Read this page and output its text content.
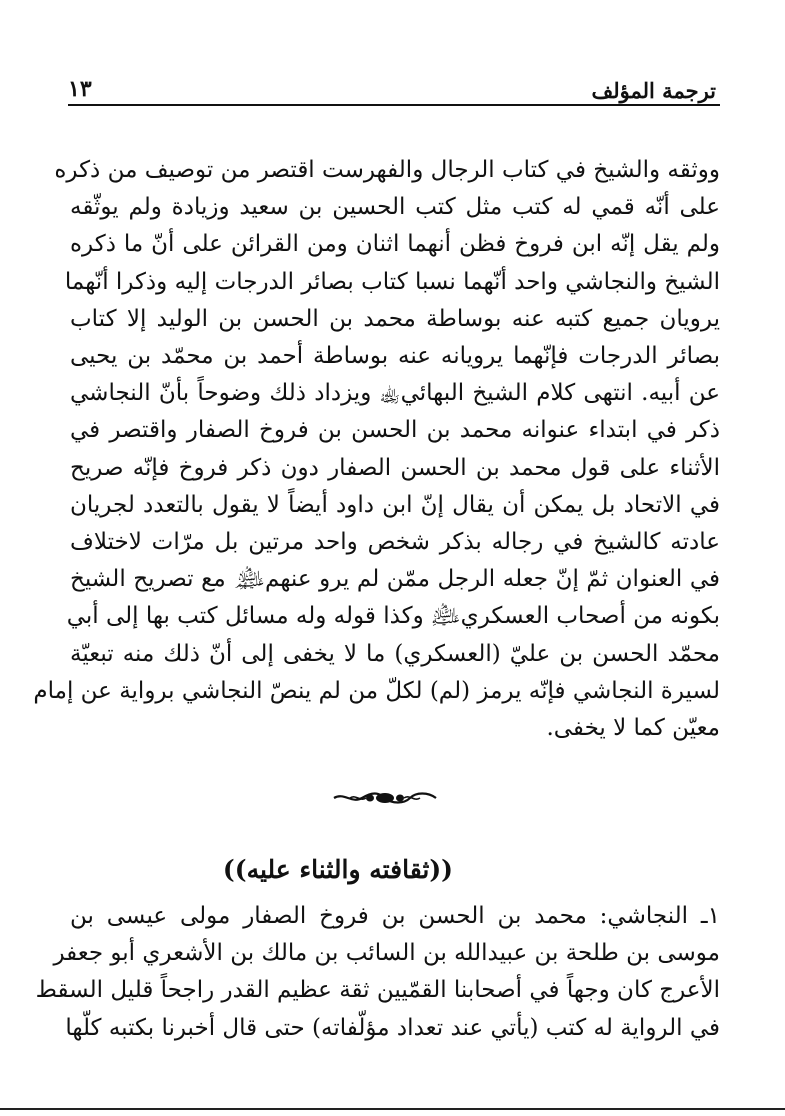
ترجمة المؤلف
١٣
ووثقه والشيخ في كتاب الرجال والفهرست اقتصر من توصيف من ذكره
على أنّه قمي له كتب مثل كتب الحسين بن سعيد وزيادة ولم يوثّقه
ولم يقل إنّه ابن فروخ فظن أنهما اثنان ومن القرائن على أنّ ما ذكره
الشيخ والنجاشي واحد أنّهما نسبا كتاب بصائر الدرجات إليه وذكرا أنّهما
يرويان جميع كتبه عنه بوساطة محمد بن الحسن بن الوليد إلا كتاب
بصائر الدرجات فإنّهما يرويانه عنه بوساطة أحمد بن محمّد بن يحيى
عن أبيه. انتهى كلام الشيخ البهائي﵀ ويزداد ذلك وضوحاً بأنّ النجاشي
ذكر في ابتداء عنوانه محمد بن الحسن بن فروخ الصفار واقتصر في
الأثناء على قول محمد بن الحسن الصفار دون ذكر فروخ فإنّه صريح
في الاتحاد بل يمكن أن يقال إنّ ابن داود أيضاً لا يقول بالتعدد لجريان
عادته كالشيخ في رجاله بذكر شخص واحد مرتين بل مرّات لاختلاف
في العنوان ثمّ إنّ جعله الرجل ممّن لم يرو عنهم﵈ مع تصريح الشيخ
بكونه من أصحاب العسكري﵇ وكذا قوله وله مسائل كتب بها إلى أبي
محمّد الحسن بن عليّ (العسكري) ما لا يخفى إلى أنّ ذلك منه تبعيّة
لسيرة النجاشي فإنّه يرمز (لم) لكلّ من لم ينصّ النجاشي برواية عن إمام
معيّن كما لا يخفى.
((ثقافته والثناء عليه))
١ـ النجاشي: محمد بن الحسن بن فروخ الصفار مولى عيسى بن
موسى بن طلحة بن عبيدالله بن السائب بن مالك بن الأشعري أبو جعفر
الأعرج كان وجهاً في أصحابنا القمّيين ثقة عظيم القدر راجحاً قليل السقط
في الرواية له كتب (يأتي عند تعداد مؤلّفاته) حتى قال أخبرنا بكتبه كلّها
